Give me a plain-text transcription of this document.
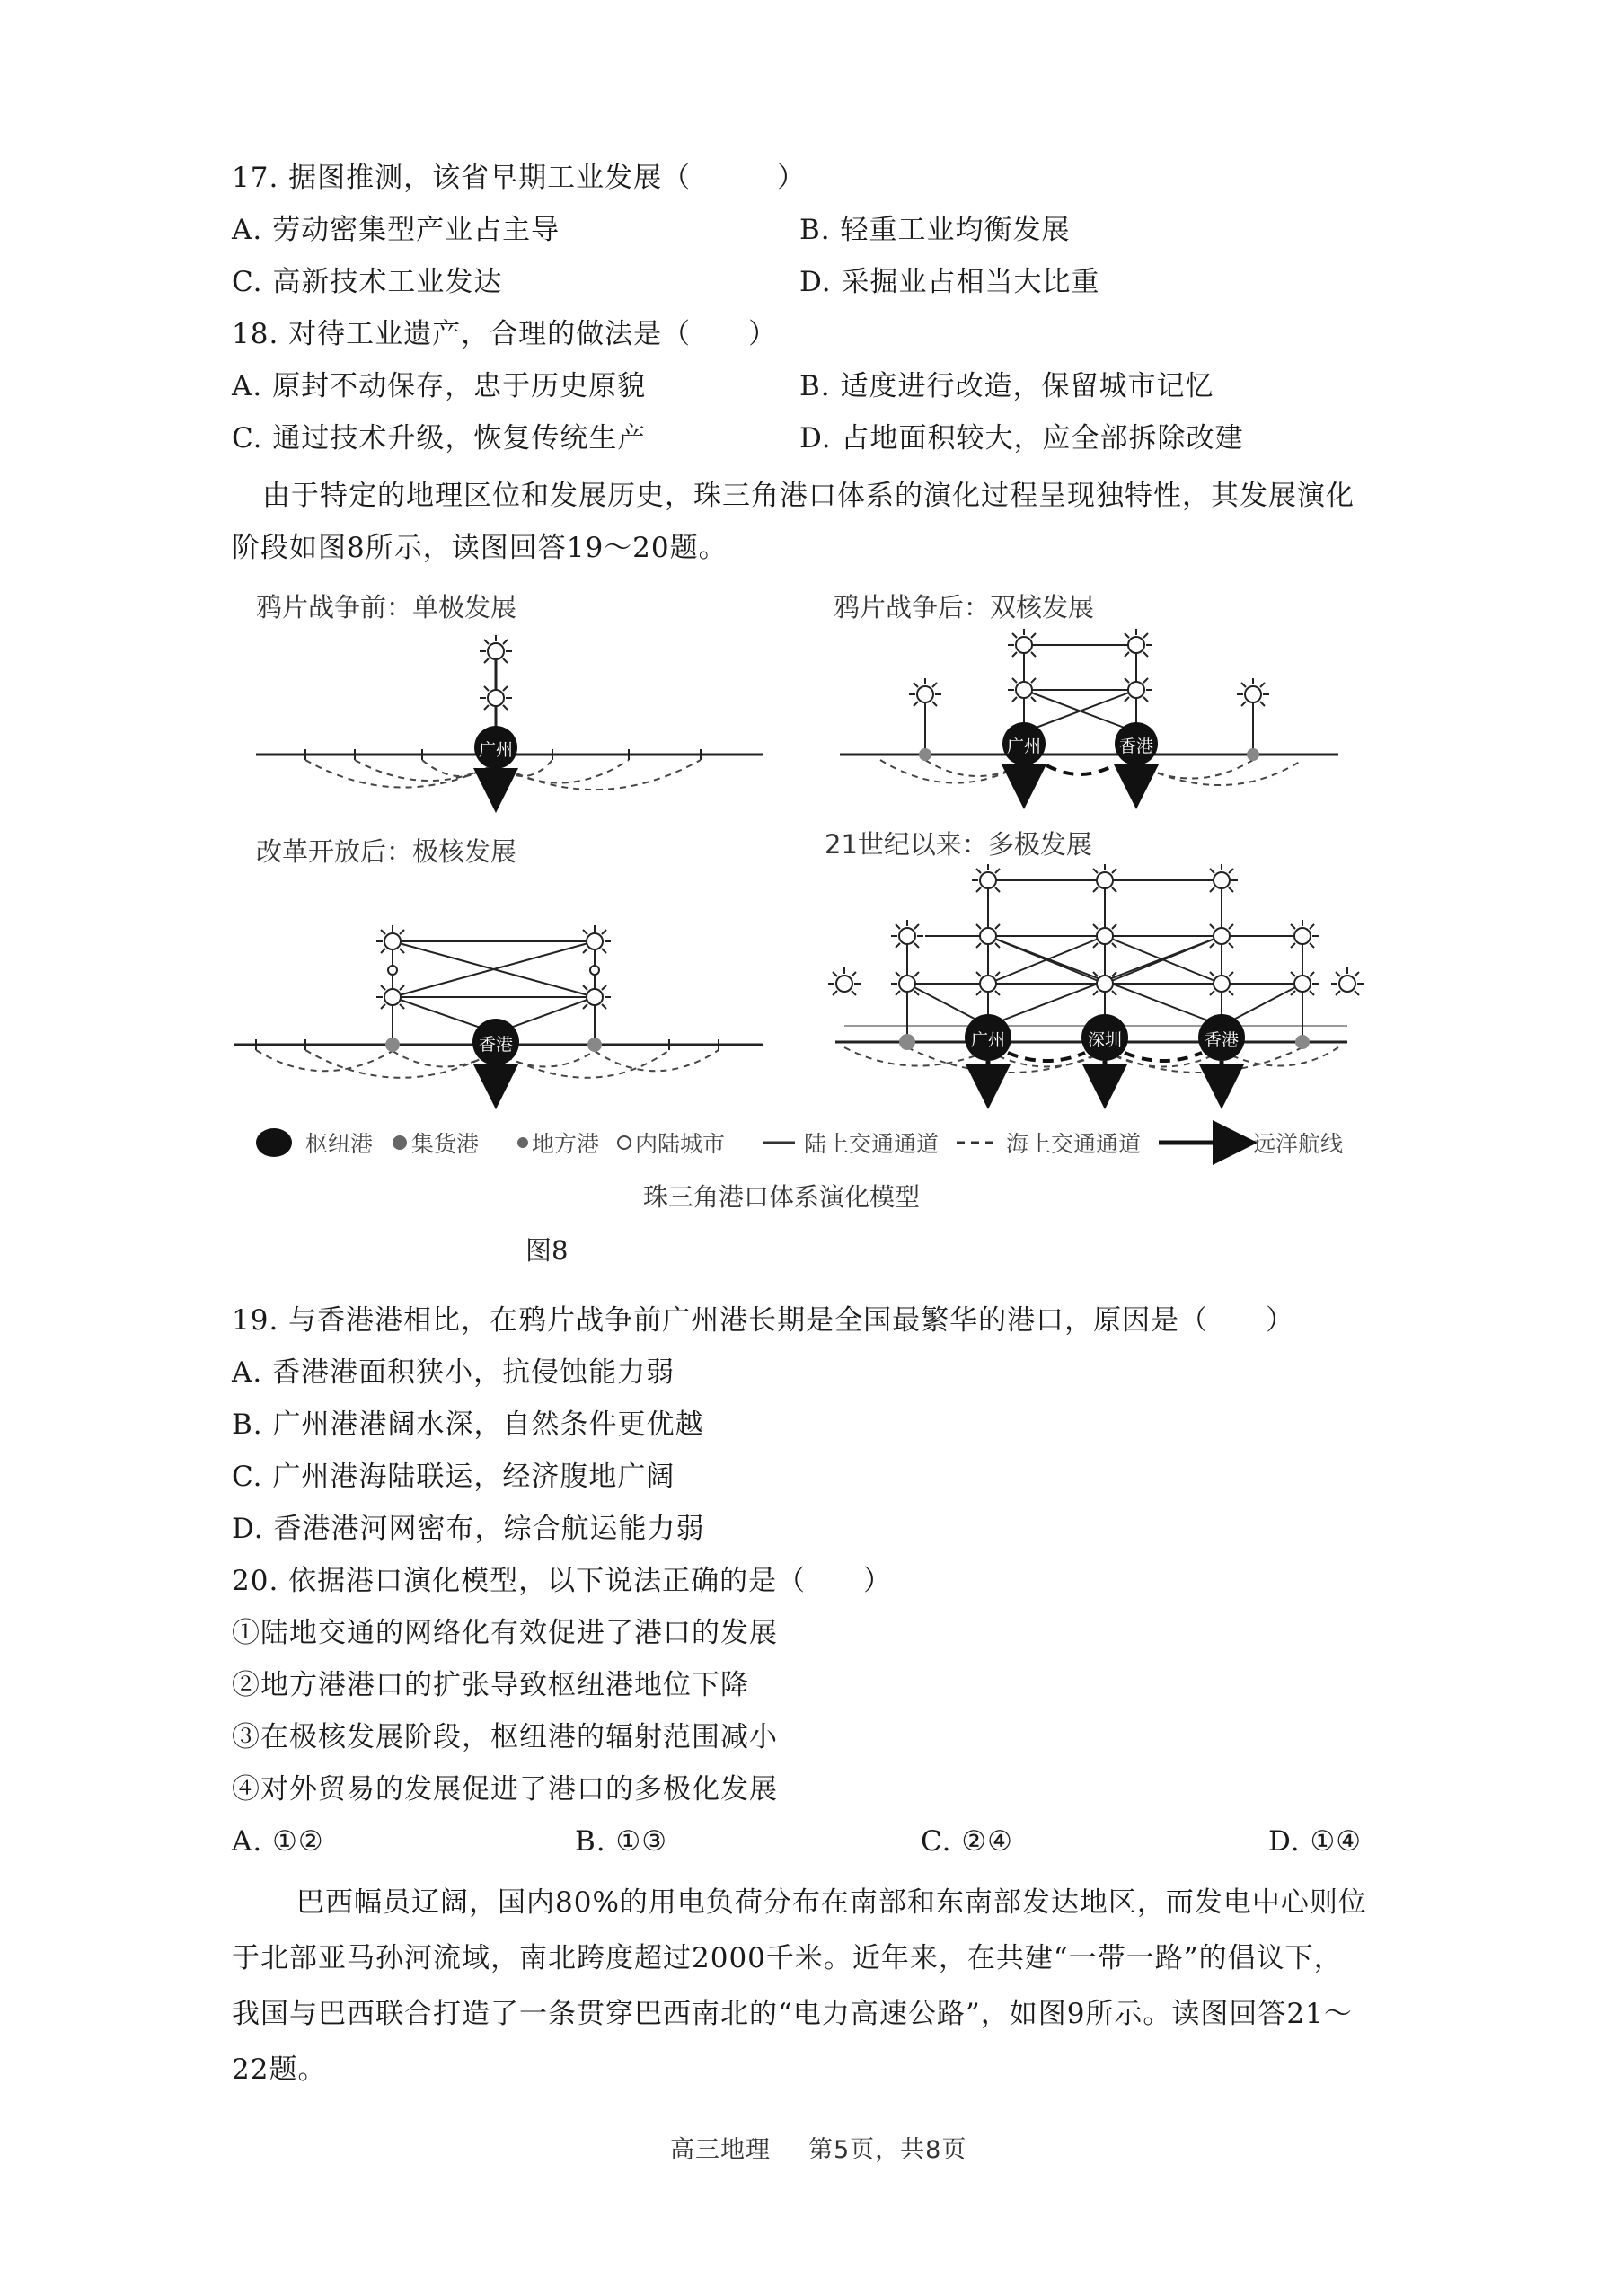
17. 据图推测，该省早期工业发展（　　　）
A. 劳动密集型产业占主导	B. 轻重工业均衡发展
C. 高新技术工业发达	D. 采掘业占相当大比重
18. 对待工业遗产，合理的做法是（　　）
A. 原封不动保存，忠于历史原貌	B. 适度进行改造，保留城市记忆
C. 通过技术升级，恢复传统生产	D. 占地面积较大，应全部拆除改建
由于特定的地理区位和发展历史，珠三角港口体系的演化过程呈现独特性，其发展演化
阶段如图8所示，读图回答19～20题。
鸦片战争前：单极发展
广州
鸦片战争后：双核发展
广州	香港
改革开放后：极核发展
香港
21世纪以来：多极发展
广州	深圳	香港
枢纽港 集货港 地方港 内陆城市	陆上交通通道	海上交通通道	远洋航线
珠三角港口体系演化模型
图8
19. 与香港港相比，在鸦片战争前广州港长期是全国最繁华的港口，原因是（　　）
A. 香港港面积狭小，抗侵蚀能力弱
B. 广州港港阔水深，自然条件更优越
C. 广州港海陆联运，经济腹地广阔
D. 香港港河网密布，综合航运能力弱
20. 依据港口演化模型，以下说法正确的是（　　）
①陆地交通的网络化有效促进了港口的发展
②地方港港口的扩张导致枢纽港地位下降
③在极核发展阶段，枢纽港的辐射范围减小
④对外贸易的发展促进了港口的多极化发展
A. ①②	B. ①③	C. ②④	D. ①④
巴西幅员辽阔，国内80%的用电负荷分布在南部和东南部发达地区，而发电中心则位
于北部亚马孙河流域，南北跨度超过2000千米。近年来，在共建“一带一路”的倡议下，
我国与巴西联合打造了一条贯穿巴西南北的“电力高速公路”，如图9所示。读图回答21～
22题。
高三地理 第5页，共8页
